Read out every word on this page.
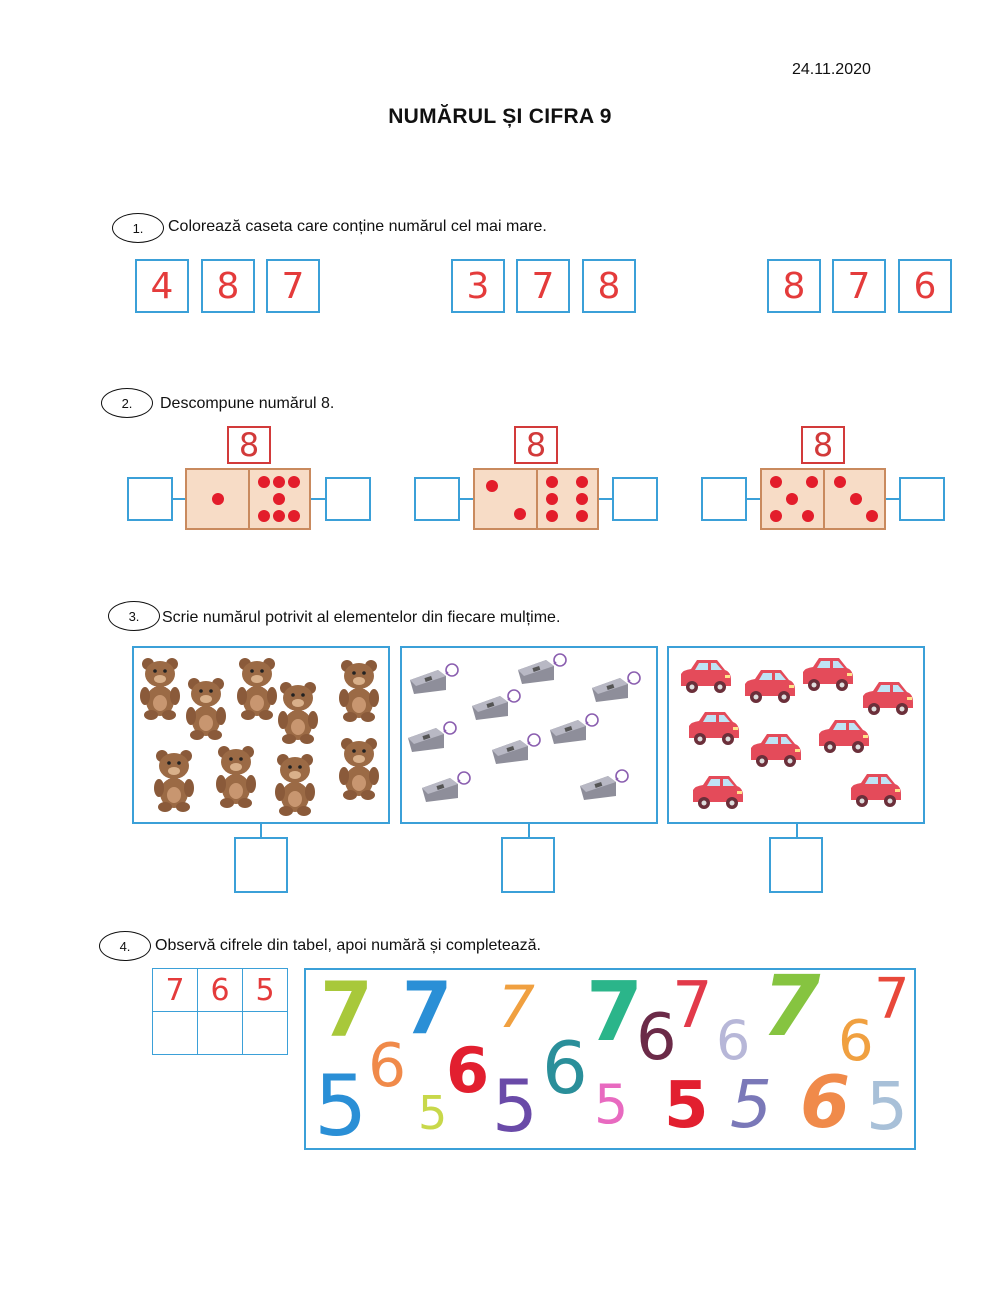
24.11.2020
NUMĂRUL ȘI CIFRA 9
1.	Colorează caseta care conține numărul cel mai mare.
4	8	7	3	7	8	8	7	6
2.	Descompune numărul 8.
8	8	8
3.	Scrie numărul potrivit al elementelor din fiecare mulțime.
4.	Observă cifrele din tabel, apoi numără și completează.
7	6	5
		7 7 7 7
6
7 6 7 6
7
5 6
5
6 5 6 5 5 5 6 5
